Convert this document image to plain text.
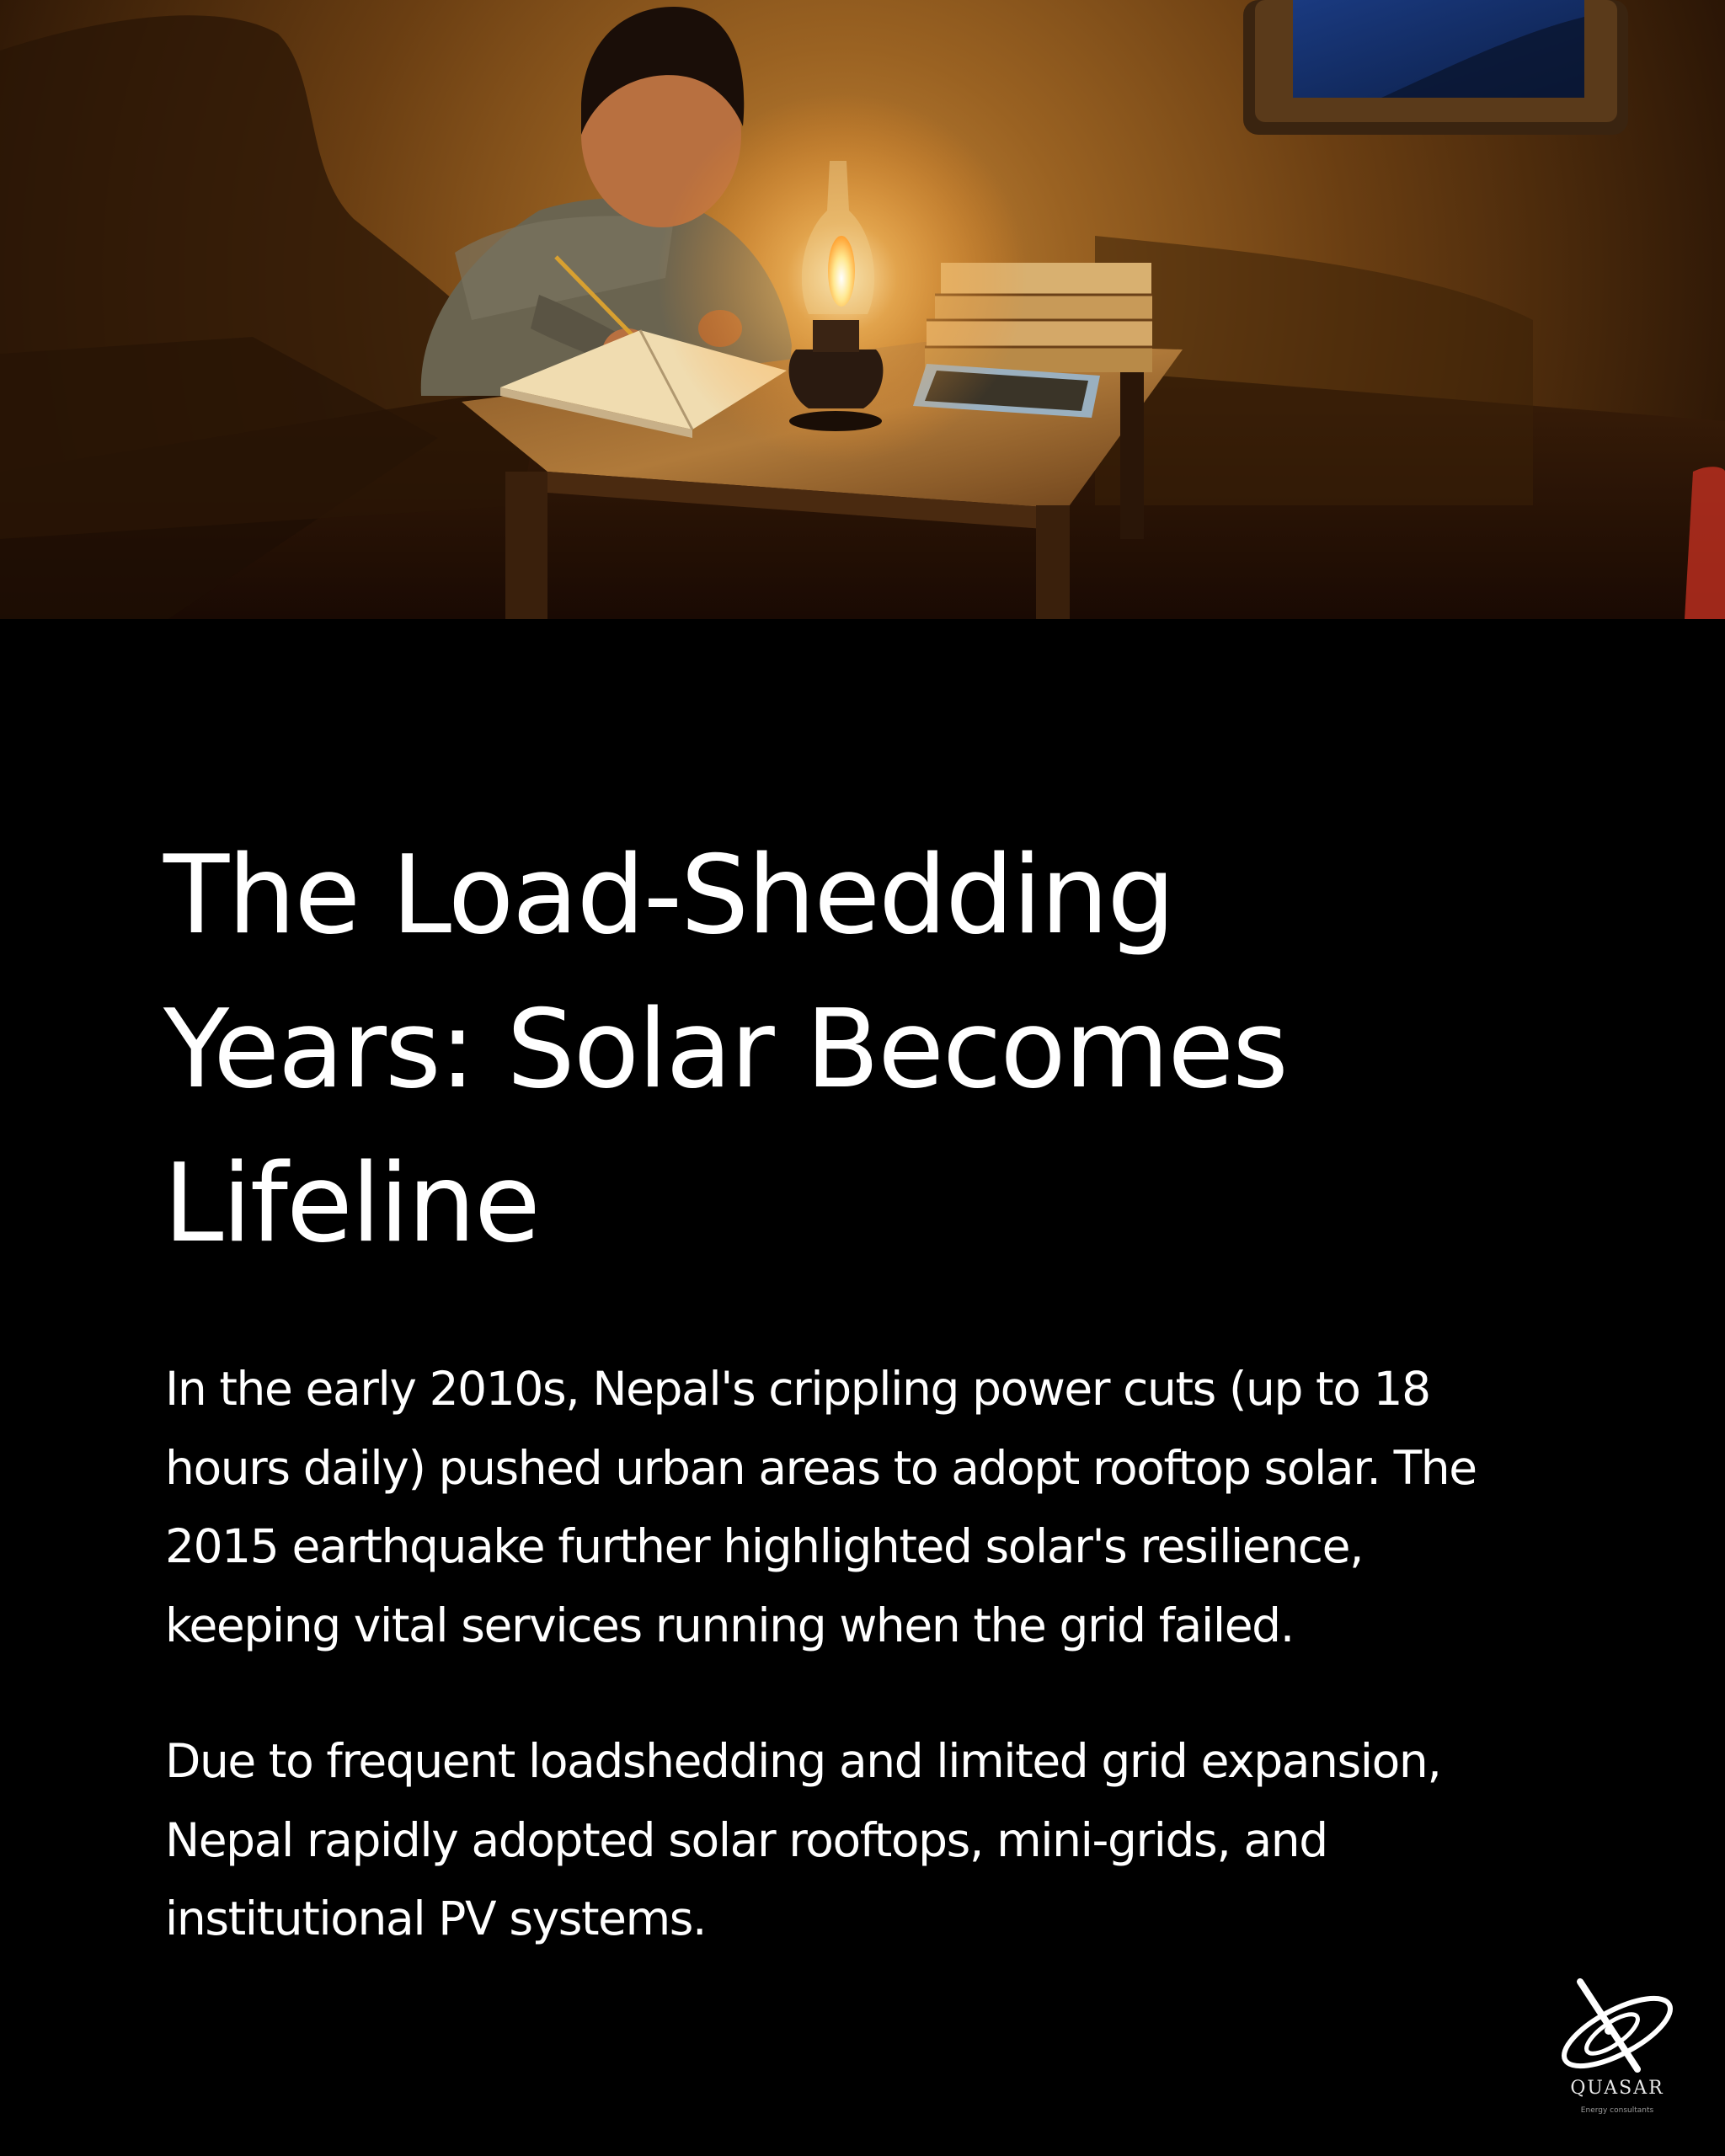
The Load-Shedding
Years: Solar Becomes
Lifeline

In the early 2010s, Nepal's crippling power cuts (up to 18
hours daily) pushed urban areas to adopt rooftop solar. The
2015 earthquake further highlighted solar's resilience,
keeping vital services running when the grid failed.

Due to frequent loadshedding and limited grid expansion,
Nepal rapidly adopted solar rooftops, mini-grids, and
institutional PV systems.

QUASAR
Energy consultants
